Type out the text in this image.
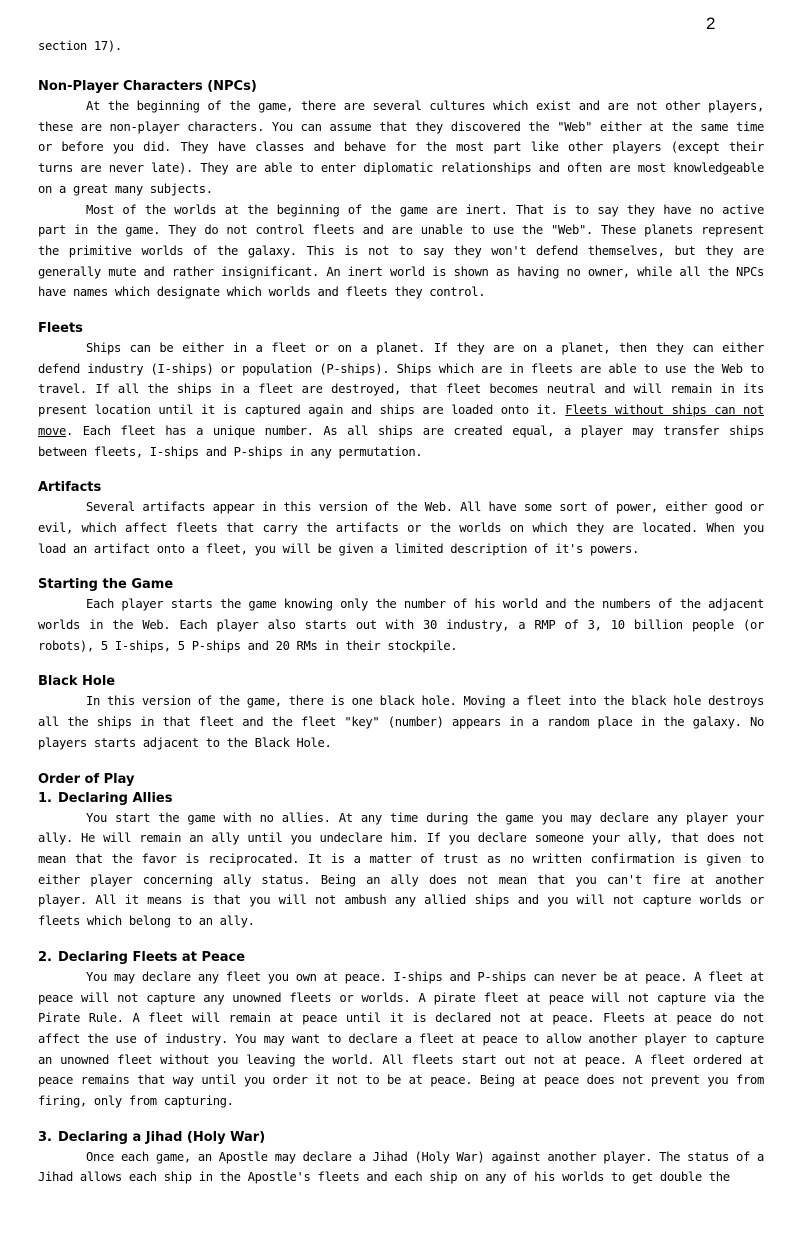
2
section 17).
Non-Player Characters (NPCs)

At the beginning of the game, there are several cultures which exist and are not other players, these are non-player characters. You can assume that they discovered the "Web" either at the same time or before you did. They have classes and behave for the most part like other players (except their turns are never late). They are able to enter diplomatic relationships and often are most knowledgeable on a great many subjects.

Most of the worlds at the beginning of the game are inert. That is to say they have no active part in the game. They do not control fleets and are unable to use the "Web". These planets represent the primitive worlds of the galaxy. This is not to say they won't defend themselves, but they are generally mute and rather insignificant. An inert world is shown as having no owner, while all the NPCs have names which designate which worlds and fleets they control.

Fleets

Ships can be either in a fleet or on a planet. If they are on a planet, then they can either defend industry (I-ships) or population (P-ships). Ships which are in fleets are able to use the Web to travel. If all the ships in a fleet are destroyed, that fleet becomes neutral and will remain in its present location until it is captured again and ships are loaded onto it. Fleets without ships can not move. Each fleet has a unique number. As all ships are created equal, a player may transfer ships between fleets, I-ships and P-ships in any permutation.

Artifacts

Several artifacts appear in this version of the Web. All have some sort of power, either good or evil, which affect fleets that carry the artifacts or the worlds on which they are located. When you load an artifact onto a fleet, you will be given a limited description of it's powers.

Starting the Game

Each player starts the game knowing only the number of his world and the numbers of the adjacent worlds in the Web. Each player also starts out with 30 industry, a RMP of 3, 10 billion people (or robots), 5 I-ships, 5 P-ships and 20 RMs in their stockpile.

Black Hole

In this version of the game, there is one black hole. Moving a fleet into the black hole destroys all the ships in that fleet and the fleet "key" (number) appears in a random place in the galaxy. No players starts adjacent to the Black Hole.

Order of Play
1. Declaring Allies

You start the game with no allies. At any time during the game you may declare any player your ally. He will remain an ally until you undeclare him. If you declare someone your ally, that does not mean that the favor is reciprocated. It is a matter of trust as no written confirmation is given to either player concerning ally status. Being an ally does not mean that you can't fire at another player. All it means is that you will not ambush any allied ships and you will not capture worlds or fleets which belong to an ally.

2. Declaring Fleets at Peace

You may declare any fleet you own at peace. I-ships and P-ships can never be at peace. A fleet at peace will not capture any unowned fleets or worlds. A pirate fleet at peace will not capture via the Pirate Rule. A fleet will remain at peace until it is declared not at peace. Fleets at peace do not affect the use of industry. You may want to declare a fleet at peace to allow another player to capture an unowned fleet without you leaving the world. All fleets start out not at peace. A fleet ordered at peace remains that way until you order it not to be at peace. Being at peace does not prevent you from firing, only from capturing.

3. Declaring a Jihad (Holy War)

Once each game, an Apostle may declare a Jihad (Holy War) against another player. The status of a Jihad allows each ship in the Apostle's fleets and each ship on any of his worlds to get double the
